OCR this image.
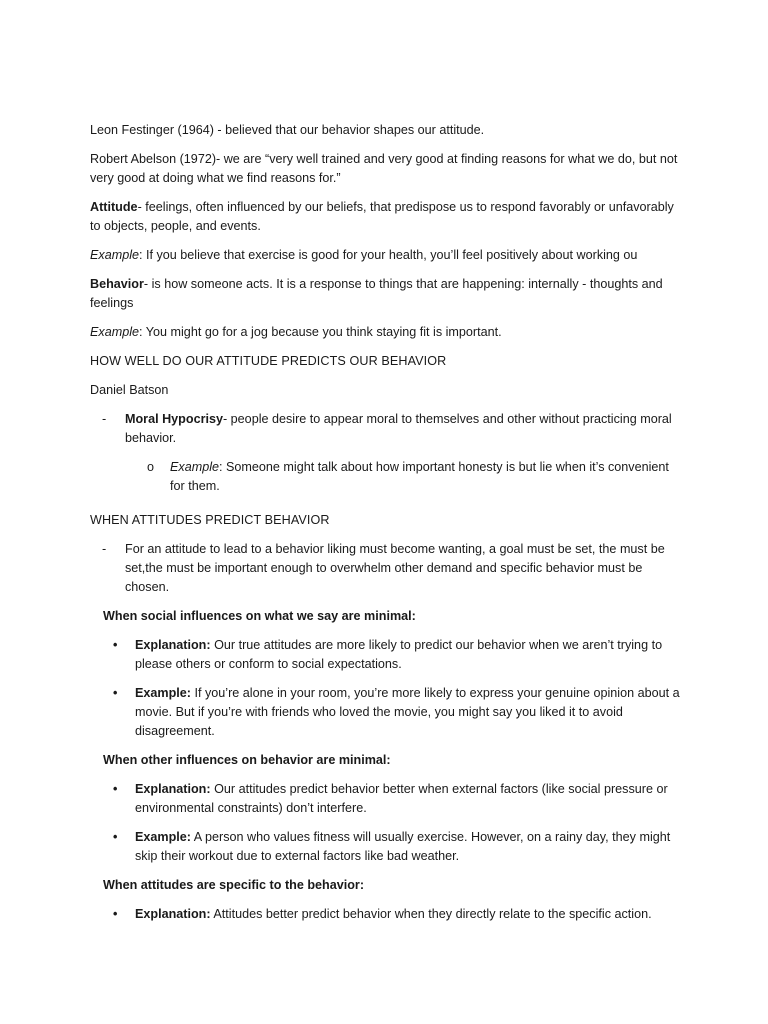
Leon Festinger (1964) - believed that our behavior shapes our attitude.

Robert Abelson (1972)- we are “very well trained and very good at finding reasons for what we do, but not very good at doing what we find reasons for.”

Attitude- feelings, often influenced by our beliefs, that predispose us to respond favorably or unfavorably to objects, people, and events.

Example: If you believe that exercise is good for your health, you’ll feel positively about working ou

Behavior- is how someone acts. It is a response to things that are happening: internally - thoughts and feelings

Example: You might go for a jog because you think staying fit is important.

HOW WELL DO OUR ATTITUDE PREDICTS OUR BEHAVIOR

Daniel Batson

- Moral Hypocrisy- people desire to appear moral to themselves and other without practicing moral behavior.
o Example: Someone might talk about how important honesty is but lie when it’s convenient for them.

WHEN ATTITUDES PREDICT BEHAVIOR

- For an attitude to lead to a behavior liking must become wanting, a goal must be set, the must be set,the must be important enough to overwhelm other demand and specific behavior must be chosen.

When social influences on what we say are minimal:

• Explanation: Our true attitudes are more likely to predict our behavior when we aren’t trying to please others or conform to social expectations.
• Example: If you’re alone in your room, you’re more likely to express your genuine opinion about a movie. But if you’re with friends who loved the movie, you might say you liked it to avoid disagreement.

When other influences on behavior are minimal:

• Explanation: Our attitudes predict behavior better when external factors (like social pressure or environmental constraints) don’t interfere.
• Example: A person who values fitness will usually exercise. However, on a rainy day, they might skip their workout due to external factors like bad weather.

When attitudes are specific to the behavior:

• Explanation: Attitudes better predict behavior when they directly relate to the specific action.
